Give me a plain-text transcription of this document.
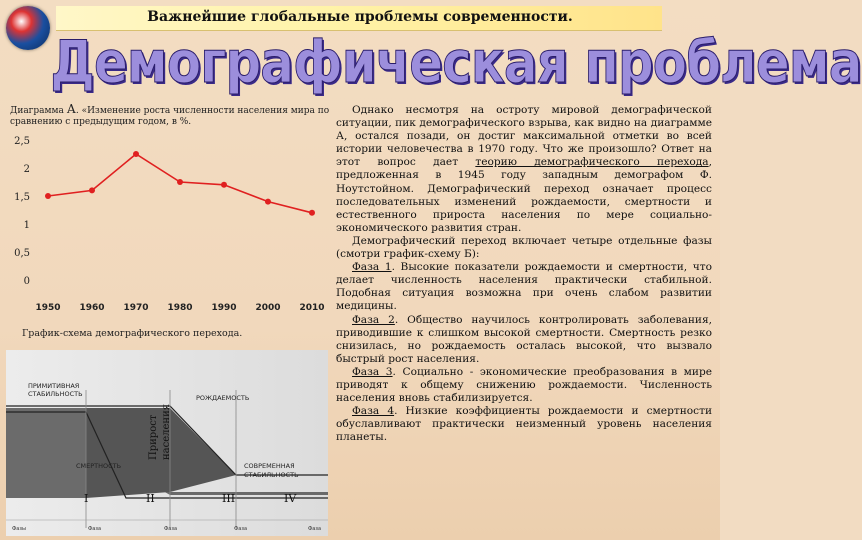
Важнейшие глобальные проблемы современности.
Демографическая проблема
Диаграмма А. «Изменение роста численности населения мира по сравнению с предыдущим годом, в %.
2,5
2
1,5
1
0,5
0
1950 1960 1970 1980 1990 2000 2010
График-схема демографического перехода.
ПРИМИТИВНАЯ СТАБИЛЬНОСТЬ	РОЖДАЕМОСТЬ
СМЕРТНОСТЬ	СОВРЕМЕННАЯ СТАБИЛЬНОСТЬ
Прирост населения
I	II	III	IV
Фазы	Фаза	Фаза	Фаза	Фаза

Однако несмотря на остроту мировой демографической ситуации, пик демографического взрыва, как видно на диаграмме А, остался позади, он достиг максимальной отметки во всей истории человечества в 1970 году. Что же произошло? Ответ на этот вопрос дает теорию демографического перехода, предложенная в 1945 году западным демографом Ф. Ноутстойном. Демографический переход означает процесс последовательных изменений рождаемости, смертности и естественного прироста населения по мере социально-экономического развития стран.

Демографический переход включает четыре отдельные фазы (смотри график-схему Б):

Фаза 1. Высокие показатели рождаемости и смертности, что делает численность населения практически стабильной. Подобная ситуация возможна при очень слабом развитии медицины.

Фаза 2. Общество научилось контролировать заболевания, приводившие к слишком высокой смертности. Смертность резко снизилась, но рождаемость осталась высокой, что вызвало быстрый рост населения.

Фаза 3. Социально - экономические преобразования в мире приводят к общему снижению рождаемости. Численность населения вновь стабилизируется.

Фаза 4. Низкие коэффициенты рождаемости и смертности обуславливают практически неизменный уровень населения планеты.
